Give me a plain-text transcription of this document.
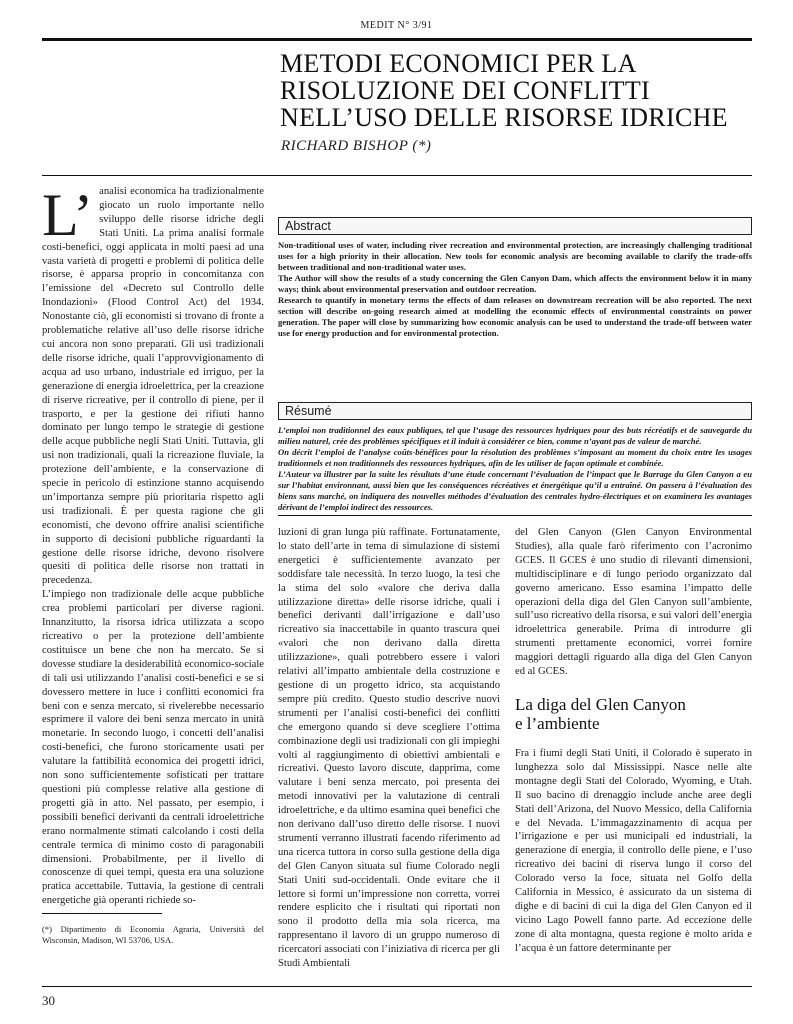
MEDIT N° 3/91
METODI ECONOMICI PER LA
RISOLUZIONE DEI CONFLITTI
NELL’USO DELLE RISORSE IDRICHE
RICHARD BISHOP (*)

L’ analisi economica ha tradizionalmente giocato un ruolo importante nello sviluppo delle risorse idriche degli Stati Uniti. La prima analisi formale costi-benefici, oggi applicata in molti paesi ad una vasta varietà di progetti e problemi di politica delle risorse, è apparsa proprio in concomitanza con l’emissione del «Decreto sul Controllo delle Inondazioni» (Flood Control Act) del 1934. Nonostante ciò, gli economisti si trovano di fronte a problematiche relative all’uso delle risorse idriche cui ancora non sono preparati. Gli usi tradizionali delle risorse idriche, quali l’approvvigionamento di acqua ad uso urbano, industriale ed irriguo, per la generazione di energia idroelettrica, per la creazione di riserve ricreative, per il controllo di piene, per il trasporto, e per la gestione dei rifiuti hanno dominato per lungo tempo le strategie di gestione delle acque pubbliche negli Stati Uniti. Tuttavia, gli usi non tradizionali, quali la ricreazione fluviale, la protezione dell’ambiente, e la conservazione di specie in pericolo di estinzione stanno acquisendo un’importanza sempre più prioritaria rispetto agli usi tradizionali. È per questa ragione che gli economisti, che devono offrire analisi scientifiche in supporto di decisioni pubbliche riguardanti la gestione delle risorse idriche, devono risolvere quesiti di politica delle risorse non trattati in precedenza.

L’impiego non tradizionale delle acque pubbliche crea problemi particolari per diverse ragioni. Innanzitutto, la risorsa idrica utilizzata a scopo ricreativo o per la protezione dell’ambiente costituisce un bene che non ha mercato. Se si dovesse studiare la desiderabilità economico-sociale di tali usi utilizzando l’analisi costi-benefici e se si dovessero mettere in luce i conflitti economici fra beni con e senza mercato, si rivelerebbe necessario esprimere il valore dei beni senza mercato in unità monetarie. In secondo luogo, i concetti dell’analisi costi-benefici, che furono storicamente usati per valutare la fattibilità economica dei progetti idrici, non sono sufficientemente sofisticati per trattare questioni più complesse relative alla gestione di progetti già in atto. Nel passato, per esempio, i possibili benefici derivanti da centrali idroelettriche erano normalmente stimati calcolando i costi della centrale termica di minimo costo di paragonabili dimensioni. Probabilmente, per il livello di conoscenze di quei tempi, questa era una soluzione pratica accettabile. Tuttavia, la gestione di centrali energetiche già operanti richiede so-

Abstract

Non-traditional uses of water, including river recreation and environmental protection, are increasingly challenging traditional uses for a high priority in their allocation. New tools for economic analysis are becoming available to clarify the trade-offs between traditional and non-traditional water uses.

The Author will show the results of a study concerning the Glen Canyon Dam, which affects the environment below it in many ways; think about environmental preservation and outdoor recreation.

Research to quantify in monetary terms the effects of dam releases on downstream recreation will be also reported. The next section will describe on-going research aimed at modelling the economic effects of environmental constraints on power generation. The paper will close by summarizing how economic analysis can be used to understand the trade-off between water use for energy production and for environmental protection.

Résumé

L’emploi non traditionnel des eaux publiques, tel que l’usage des ressources hydriques pour des buts récréatifs et de sauvegarde du milieu naturel, crée des problèmes spécifiques et il induit à considérer ce bien, comme n’ayant pas de valeur de marché.

On décrit l’emploi de l’analyse coûts-bénéfices pour la résolution des problèmes s’imposant au moment du choix entre les usages traditionnels et non traditionnels des ressources hydriques, afin de les utiliser de façon optimale et combinée.

L’Auteur va illustrer par la suite les résultats d’une étude concernant l’évaluation de l’impact que le Barrage du Glen Canyon a eu sur l’habitat environnant, aussi bien que les conséquences récréatives et énergétique qu’il a entraîné. On passera à l’évaluation des biens sans marché, on indiquera des nouvelles méthodes d’évaluation des centrales hydro-électriques et on examinera les avantages dérivant de l’emploi indirect des ressources.

luzioni di gran lunga più raffinate. Fortunatamente, lo stato dell’arte in tema di simulazione di sistemi energetici è sufficientemente avanzato per soddisfare tale necessità. In terzo luogo, la tesi che la stima del solo «valore che deriva dalla utilizzazione diretta» delle risorse idriche, quali i benefici derivanti dall’irrigazione e dall’uso ricreativo sia inaccettabile in quanto trascura quei «valori che non derivano dalla diretta utilizzazione», quali potrebbero essere i valori relativi all’impatto ambientale della costruzione e gestione di un progetto idrico, sta acquistando sempre più credito. Questo studio descrive nuovi strumenti per l’analisi costi-benefici dei conflitti che emergono quando si deve scegliere l’ottima combinazione degli usi tradizionali con gli impieghi volti al raggiungimento di obiettivi ambientali e ricreativi. Questo lavoro discute, dapprima, come valutare i beni senza mercato, poi presenta dei metodi innovativi per la valutazione di centrali idroelettriche, e da ultimo esamina quei benefici che non derivano dall’uso diretto delle risorse. I nuovi strumenti verranno illustrati facendo riferimento ad una ricerca tuttora in corso sulla gestione della diga del Glen Canyon situata sul fiume Colorado negli Stati Uniti sud-occidentali. Onde evitare che il lettore si formi un’impressione non corretta, vorrei rendere esplicito che i risultati qui riportati non sono il prodotto della mia sola ricerca, ma rappresentano il lavoro di un gruppo numeroso di ricercatori associati con l’iniziativa di ricerca per gli Studi Ambientali

del Glen Canyon (Glen Canyon Environmental Studies), alla quale farò riferimento con l’acronimo GCES. Il GCES è uno studio di rilevanti dimensioni, multidisciplinare e di lungo periodo organizzato dal governo americano. Esso esamina l’impatto delle operazioni della diga del Glen Canyon sull’ambiente, sull’uso ricreativo della risorsa, e sui valori dell’energia idroelettrica generabile. Prima di introdurre gli strumenti prettamente economici, vorrei fornire maggiori dettagli riguardo alla diga del Glen Canyon ed al GCES.

La diga del Glen Canyon
e l’ambiente

Fra i fiumi degli Stati Uniti, il Colorado è superato in lunghezza solo dal Mississippi. Nasce nelle alte montagne degli Stati del Colorado, Wyoming, e Utah. Il suo bacino di drenaggio include anche aree degli Stati dell’Arizona, del Nuovo Messico, della California e del Nevada. L’immagazzinamento di acqua per l’irrigazione e per usi municipali ed industriali, la generazione di energia, il controllo delle piene, e l’uso ricreativo dei bacini di riserva lungo il corso del Colorado verso la foce, situata nel Golfo della California in Messico, è assicurato da un sistema di dighe e di bacini di cui la diga del Glen Canyon ed il vicino Lago Powell fanno parte. Ad eccezione delle zone di alta montagna, questa regione è molto arida e l’acqua è un fattore determinante per

(*) Dipartimento di Economia Agraria, Università del Wisconsin, Madison, WI 53706, USA.
30
